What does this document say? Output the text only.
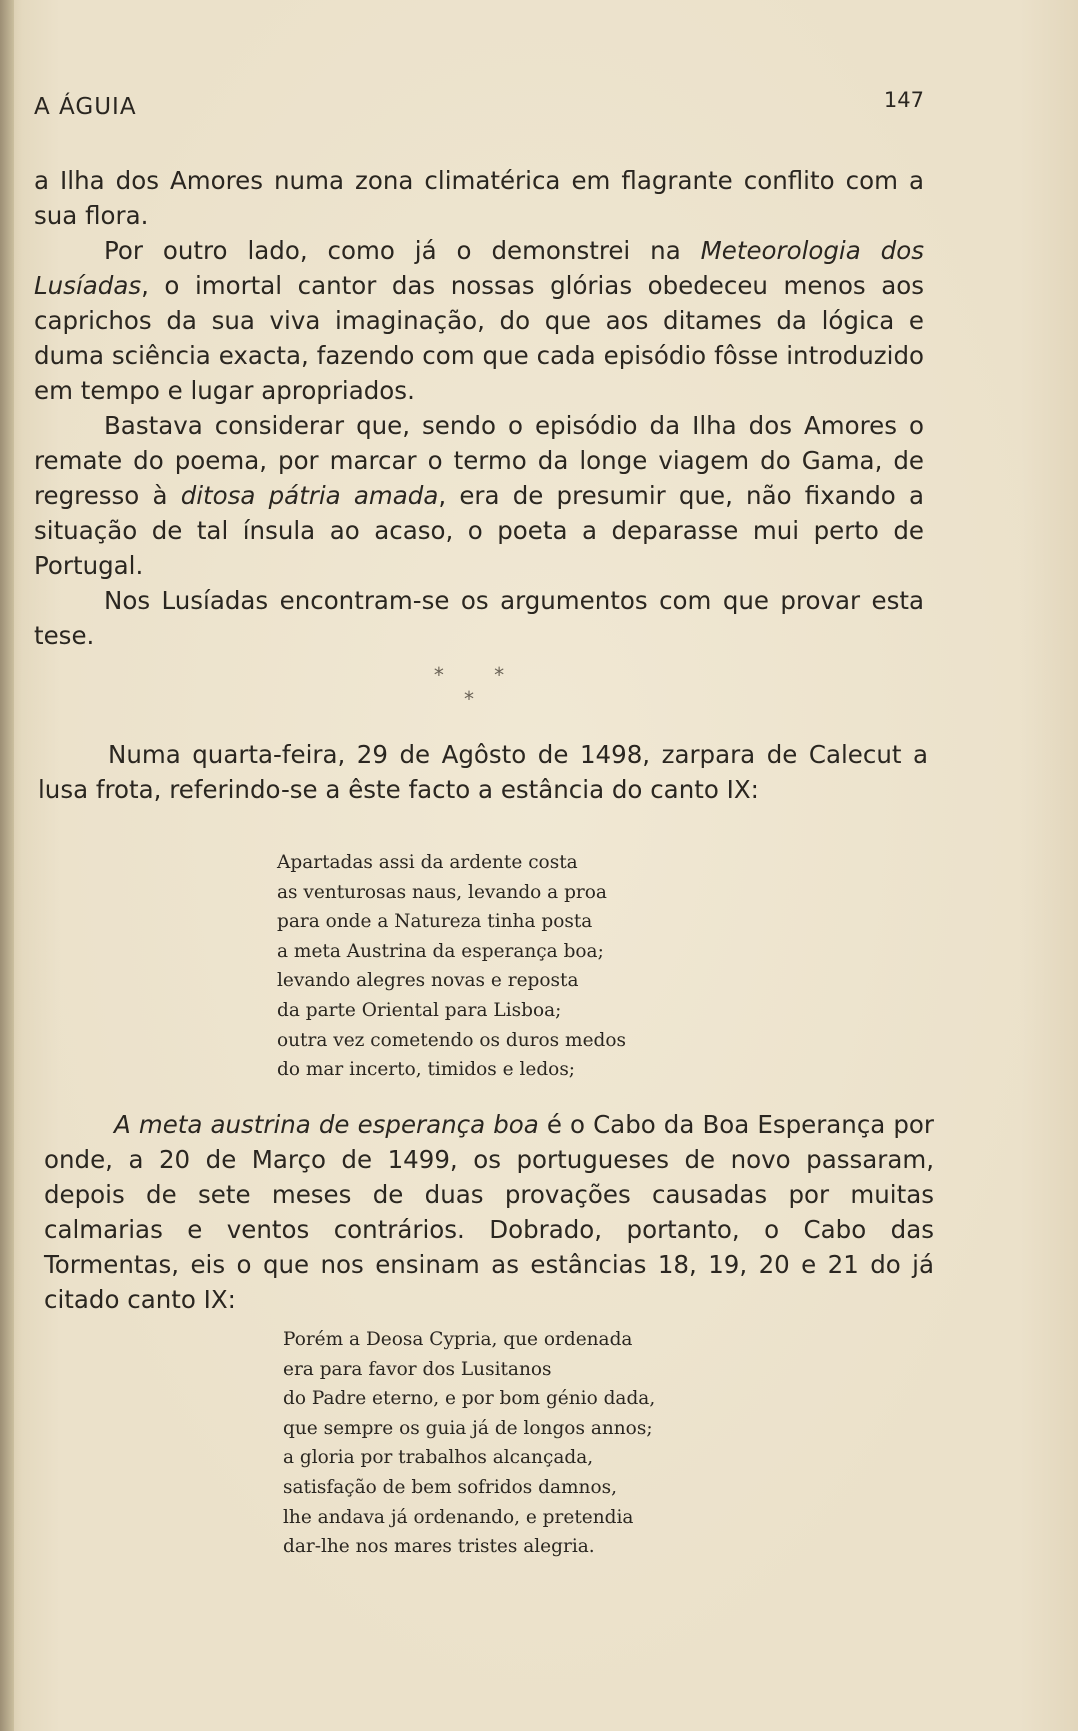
A ÁGUIA	147

a Ilha dos Amores numa zona climatérica em flagrante conflito com a sua flora.

Por outro lado, como já o demonstrei na Meteorologia dos Lusíadas, o imortal cantor das nossas glórias obedeceu menos aos caprichos da sua viva imaginação, do que aos ditames da lógica e duma sciência exacta, fazendo com que cada episódio fôsse introduzido em tempo e lugar apropriados.

Bastava considerar que, sendo o episódio da Ilha dos Amores o remate do poema, por marcar o termo da longe viagem do Gama, de regresso à ditosa pátria amada, era de presumir que, não fixando a situação de tal ínsula ao acaso, o poeta a deparasse mui perto de Portugal.

Nos Lusíadas encontram-se os argumentos com que provar esta tese.

* * *

Numa quarta-feira, 29 de Agôsto de 1498, zarpara de Calecut a lusa frota, referindo-se a êste facto a estância do canto IX:

Apartadas assi da ardente costa
as venturosas naus, levando a proa
para onde a Natureza tinha posta
a meta Austrina da esperança boa;
levando alegres novas e reposta
da parte Oriental para Lisboa;
outra vez cometendo os duros medos
do mar incerto, timidos e ledos;

A meta austrina de esperança boa é o Cabo da Boa Esperança por onde, a 20 de Março de 1499, os portugueses de novo passaram, depois de sete meses de duas provações causadas por muitas calmarias e ventos contrários. Dobrado, portanto, o Cabo das Tormentas, eis o que nos ensinam as estâncias 18, 19, 20 e 21 do já citado canto IX:

Porém a Deosa Cypria, que ordenada
era para favor dos Lusitanos
do Padre eterno, e por bom génio dada,
que sempre os guia já de longos annos;
a gloria por trabalhos alcançada,
satisfação de bem sofridos damnos,
lhe andava já ordenando, e pretendia
dar-lhe nos mares tristes alegria.
